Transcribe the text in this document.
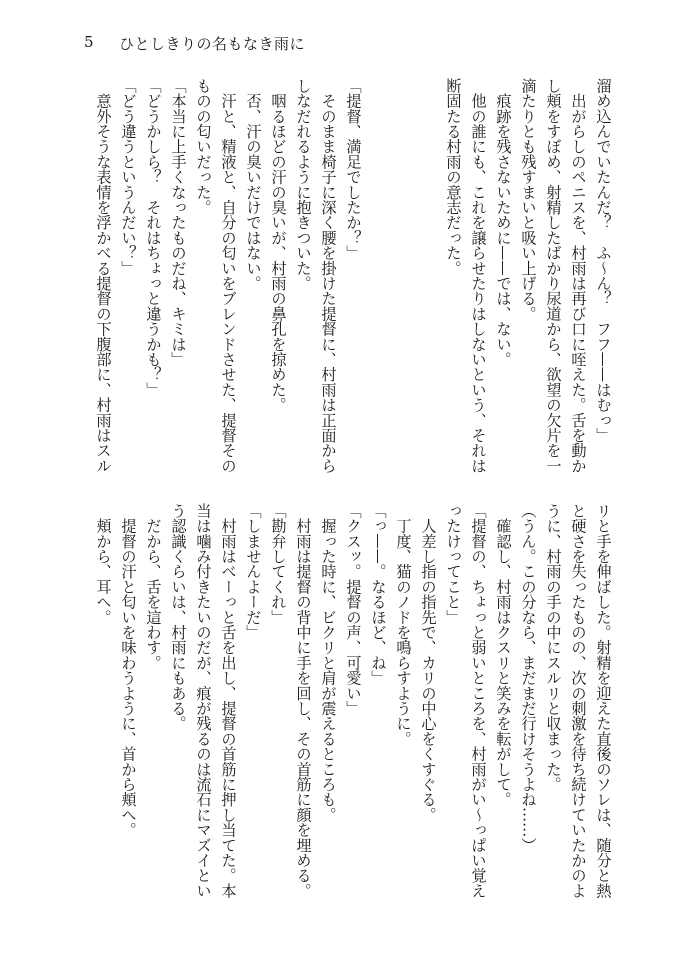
5 ひとしきりの名もなき雨に
溜め込んでいたんだ？　ふ〜ん？　フフ——はむっ」
　出がらしのペニスを、村雨は再び口に咥えた。舌を動か
し頬をすぼめ、射精したばかり尿道から、欲望の欠片を一
滴たりとも残すまいと吸い上げる。
　痕跡を残さないために——では、ない。
　他の誰にも、これを譲らせたりはしないという、それは
断固たる村雨の意志だった。
「提督、満足でしたか？」
　そのまま椅子に深く腰を掛けた提督に、村雨は正面から
しなだれるように抱きついた。
　咽るほどの汗の臭いが、村雨の鼻孔を掠めた。
　否、汗の臭いだけではない。
　汗と、精液と、自分の匂いをブレンドさせた、提督その
ものの匂いだった。
「本当に上手くなったものだね、キミは」
「どうかしら？　それはちょっと違うかも？」
「どう違うというんだい？」
　意外そうな表情を浮かべる提督の下腹部に、村雨はスル
リと手を伸ばした。射精を迎えた直後のソレは、随分と熱
と硬さを失ったものの、次の刺激を待ち続けていたかのよ
うに、村雨の手の中にスルリと収まった。
（うん。この分なら、まだまだ行けそうよね……）
　確認し、村雨はクスリと笑みを転がして。
「提督の、ちょっと弱いところを、村雨がい〜っぱい覚え
ったけってこと」
　人差し指の指先で、カリの中心をくすぐる。
　丁度、猫のノドを鳴らすように。
「っ——。なるほど、ね」
「クスッ。提督の声、可愛い」
　握った時に、ビクリと肩が震えるところも。
　村雨は提督の背中に手を回し、その首筋に顔を埋める。
「勘弁してくれ」
「しませんよーだ」
　村雨はべーっと舌を出し、提督の首筋に押し当てた。本
当は噛み付きたいのだが、痕が残るのは流石にマズイとい
う認識くらいは、村雨にもある。
　だから、舌を這わす。
　提督の汗と匂いを味わうように、首から頬へ。
　頬から、耳へ。
